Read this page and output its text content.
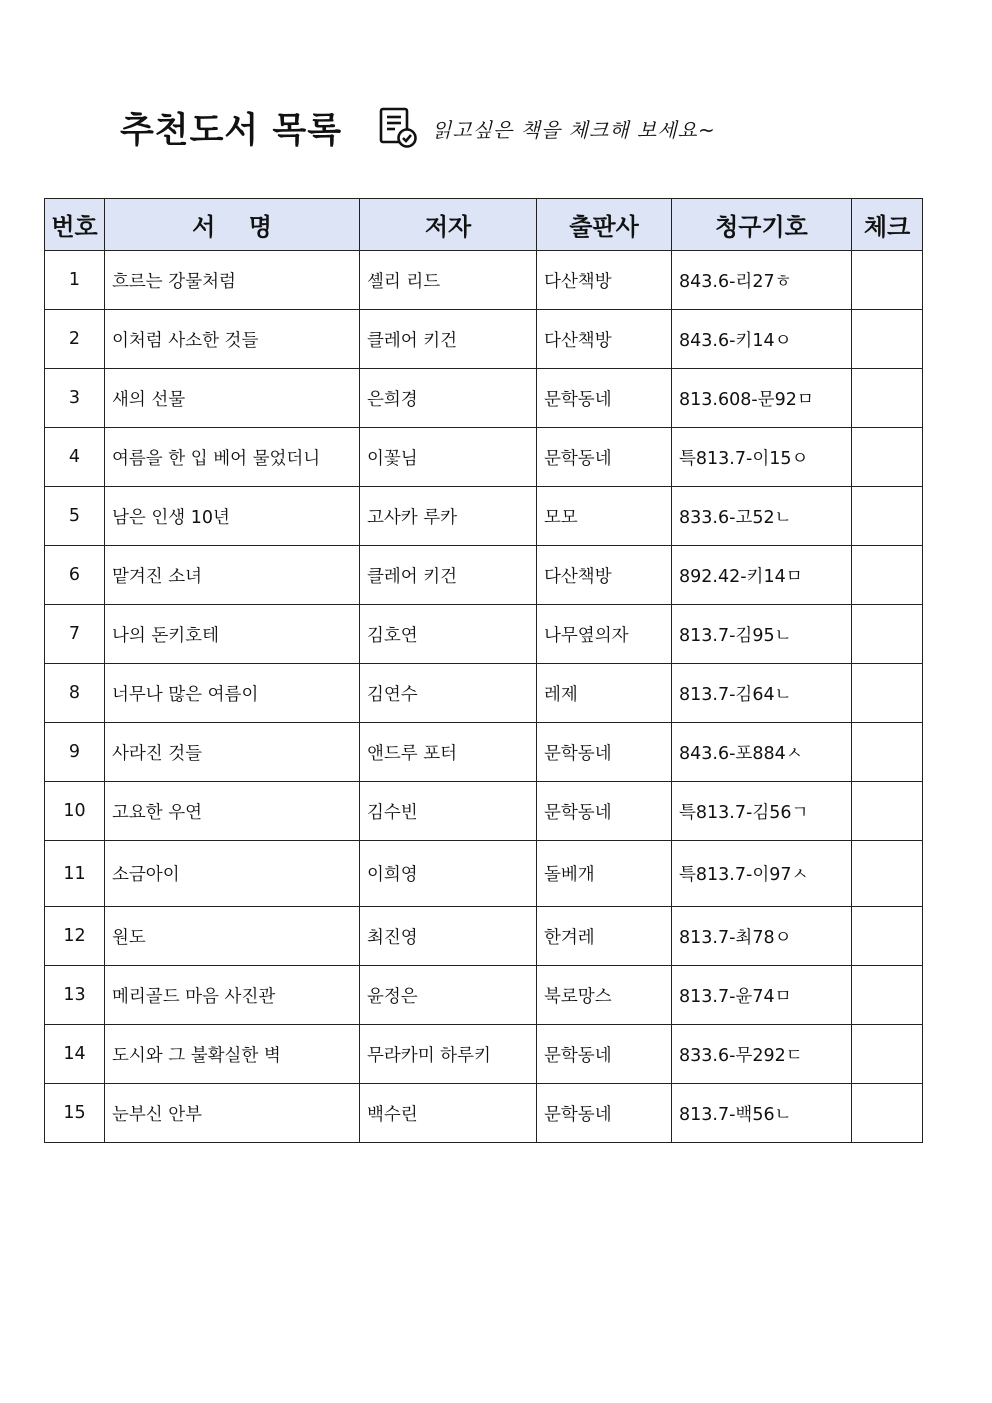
추천도서 목록	읽고싶은 책을 체크해 보세요~
번호	서    명	저자	출판사	청구기호	체크
1	흐르는 강물처럼	셸리 리드	다산책방	843.6-리27ㅎ	
2	이처럼 사소한 것들	클레어 키건	다산책방	843.6-키14ㅇ	
3	새의 선물	은희경	문학동네	813.608-문92ㅁ	
4	여름을 한 입 베어 물었더니	이꽃님	문학동네	특813.7-이15ㅇ	
5	남은 인생 10년	고사카 루카	모모	833.6-고52ㄴ	
6	맡겨진 소녀	클레어 키건	다산책방	892.42-키14ㅁ	
7	나의 돈키호테	김호연	나무옆의자	813.7-김95ㄴ	
8	너무나 많은 여름이	김연수	레제	813.7-김64ㄴ	
9	사라진 것들	앤드루 포터	문학동네	843.6-포884ㅅ	
10	고요한 우연	김수빈	문학동네	특813.7-김56ㄱ	
11	소금아이	이희영	돌베개	특813.7-이97ㅅ	
12	원도	최진영	한겨레	813.7-최78ㅇ	
13	메리골드 마음 사진관	윤정은	북로망스	813.7-윤74ㅁ	
14	도시와 그 불확실한 벽	무라카미 하루키	문학동네	833.6-무292ㄷ	
15	눈부신 안부	백수린	문학동네	813.7-백56ㄴ	
